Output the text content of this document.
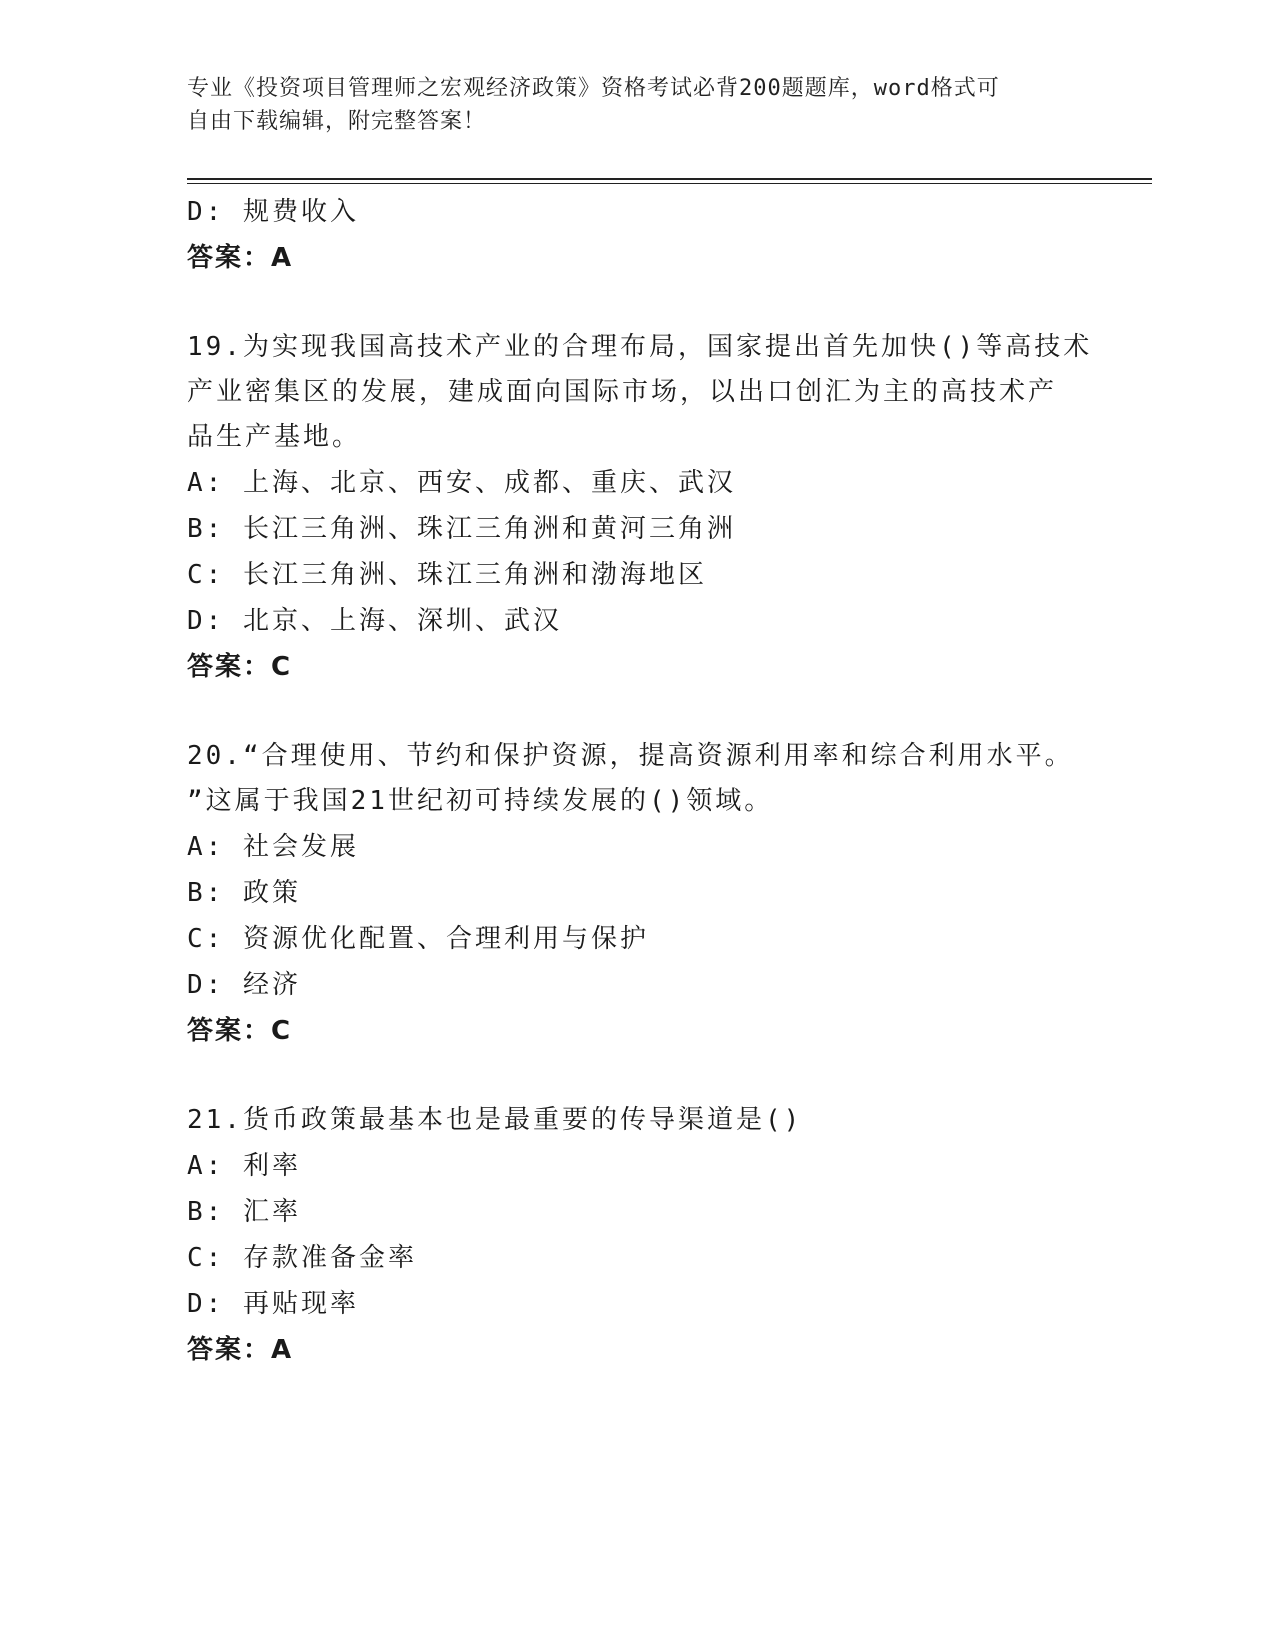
专业《投资项目管理师之宏观经济政策》资格考试必背200题题库，word格式可
自由下载编辑，附完整答案！
D: 规费收入
答案：A
19.为实现我国高技术产业的合理布局，国家提出首先加快()等高技术
产业密集区的发展，建成面向国际市场，以出口创汇为主的高技术产
品生产基地。
A: 上海、北京、西安、成都、重庆、武汉
B: 长江三角洲、珠江三角洲和黄河三角洲
C: 长江三角洲、珠江三角洲和渤海地区
D: 北京、上海、深圳、武汉
答案：C
20.“合理使用、节约和保护资源，提高资源利用率和综合利用水平。
”这属于我国21世纪初可持续发展的()领域。
A: 社会发展
B: 政策
C: 资源优化配置、合理利用与保护
D: 经济
答案：C
21.货币政策最基本也是最重要的传导渠道是()
A: 利率
B: 汇率
C: 存款准备金率
D: 再贴现率
答案：A
